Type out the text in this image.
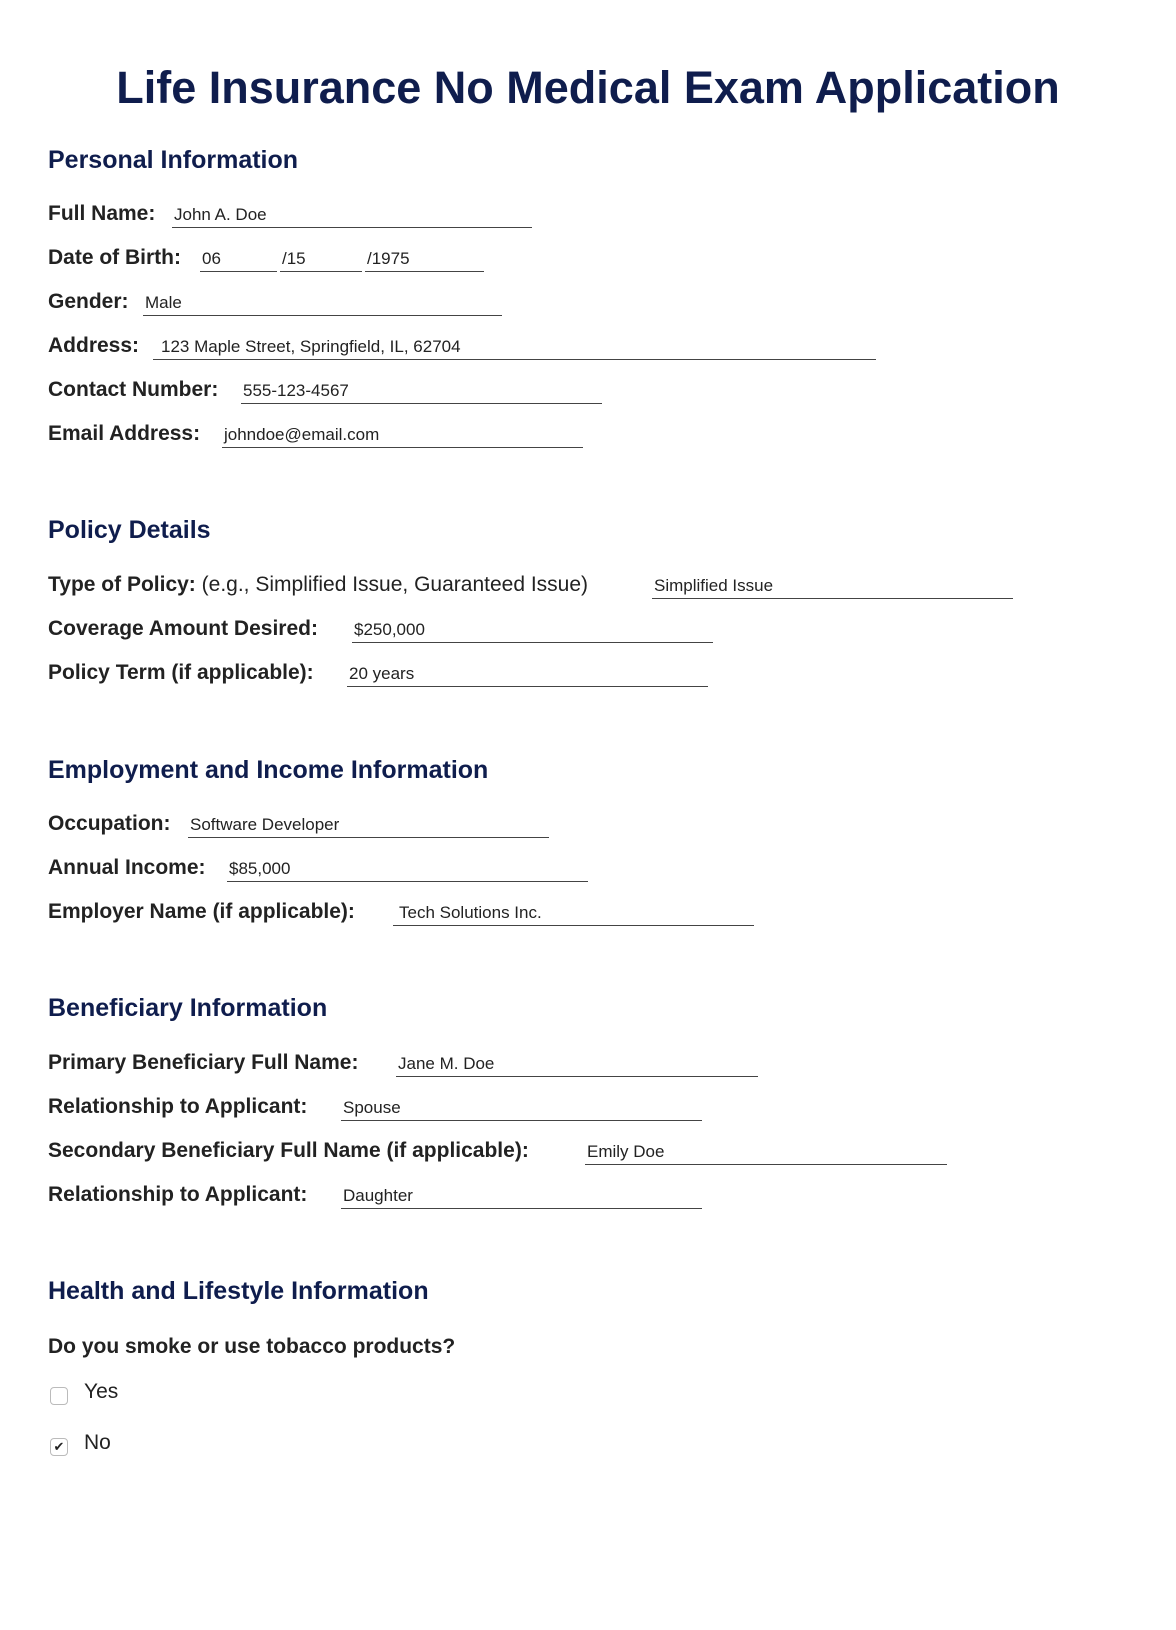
Life Insurance No Medical Exam Application
Personal Information
Full Name: John A. Doe
Date of Birth: 06	/15	/1975
Gender: Male
Address:	123 Maple Street, Springfield, IL, 62704
Contact Number: 555-123-4567
Email Address: johndoe@email.com
Policy Details
Type of Policy: (e.g., Simplified Issue, Guaranteed Issue)	Simplified Issue
Coverage Amount Desired: $250,000
Policy Term (if applicable): 20 years
Employment and Income Information
Occupation: Software Developer
Annual Income: $85,000
Employer Name (if applicable):	Tech Solutions Inc.
Beneficiary Information
Primary Beneficiary Full Name: Jane M. Doe
Relationship to Applicant: Spouse
Secondary Beneficiary Full Name (if applicable):	Emily Doe
Relationship to Applicant: Daughter
Health and Lifestyle Information
Do you smoke or use tobacco products?
Yes
✔ No
